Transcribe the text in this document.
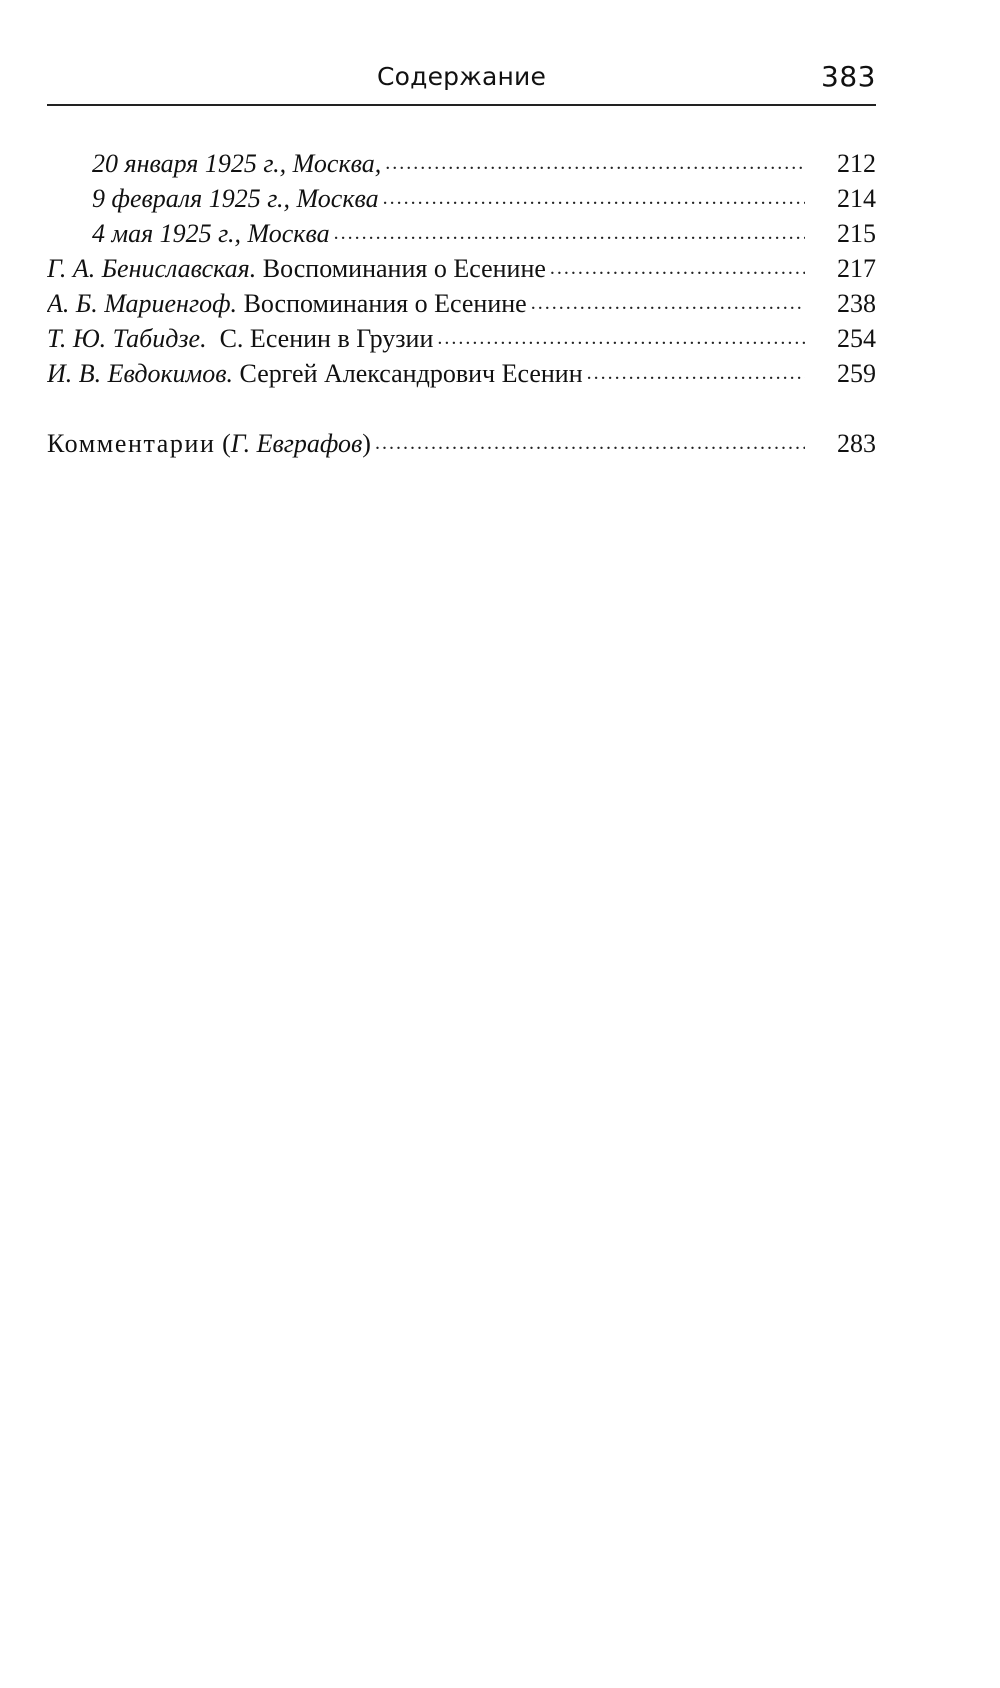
Содержание	383
20 января 1925 г., Москва, .....	212
9 февраля 1925 г., Москва .....	214
4 мая 1925 г., Москва .....	215
Г. А. Бениславская. Воспоминания о Есенине .....	217
А. Б. Мариенгоф. Воспоминания о Есенине .....	238
Т. Ю. Табидзе. С. Есенин в Грузии .....	254
И. В. Евдокимов. Сергей Александрович Есенин .....	259
Комментарии (Г. Евграфов) .....	283
